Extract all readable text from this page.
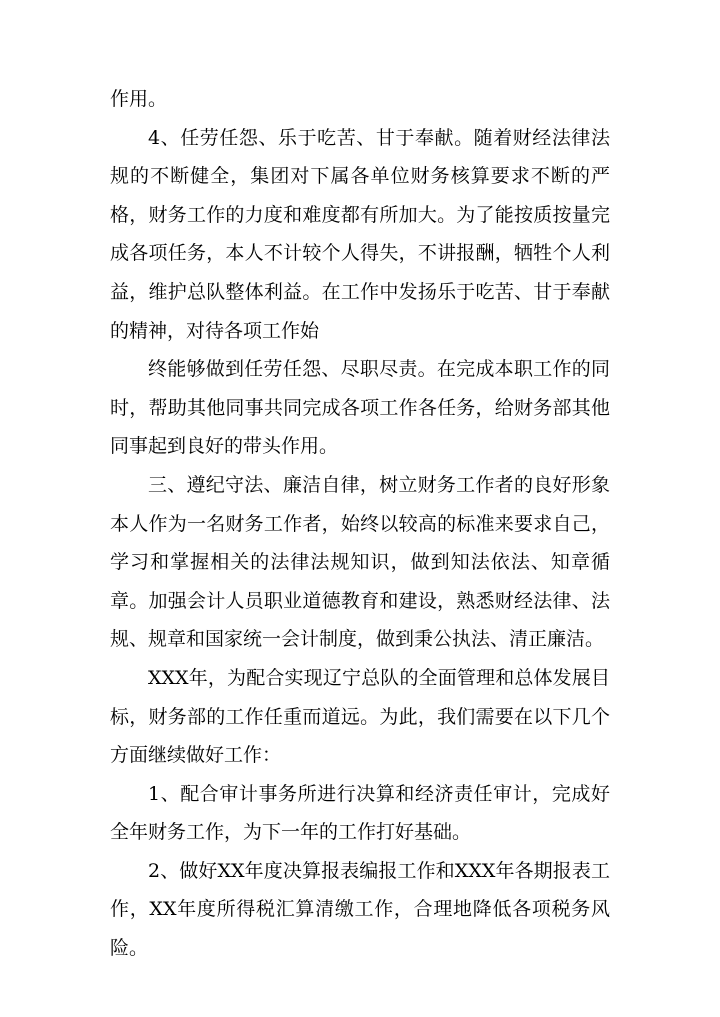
作用。

4、任劳任怨、乐于吃苦、甘于奉献。随着财经法律法规的不断健全，集团对下属各单位财务核算要求不断的严格，财务工作的力度和难度都有所加大。为了能按质按量完成各项任务，本人不计较个人得失，不讲报酬，牺牲个人利益，维护总队整体利益。在工作中发扬乐于吃苦、甘于奉献的精神，对待各项工作始

终能够做到任劳任怨、尽职尽责。在完成本职工作的同时，帮助其他同事共同完成各项工作各任务，给财务部其他同事起到良好的带头作用。

三、遵纪守法、廉洁自律，树立财务工作者的良好形象本人作为一名财务工作者，始终以较高的标准来要求自己，学习和掌握相关的法律法规知识，做到知法依法、知章循章。加强会计人员职业道德教育和建设，熟悉财经法律、法规、规章和国家统一会计制度，做到秉公执法、清正廉洁。

XXX年，为配合实现辽宁总队的全面管理和总体发展目标，财务部的工作任重而道远。为此，我们需要在以下几个方面继续做好工作：

1、配合审计事务所进行决算和经济责任审计，完成好全年财务工作，为下一年的工作打好基础。

2、做好XX年度决算报表编报工作和XXX年各期报表工作，XX年度所得税汇算清缴工作，合理地降低各项税务风险。
